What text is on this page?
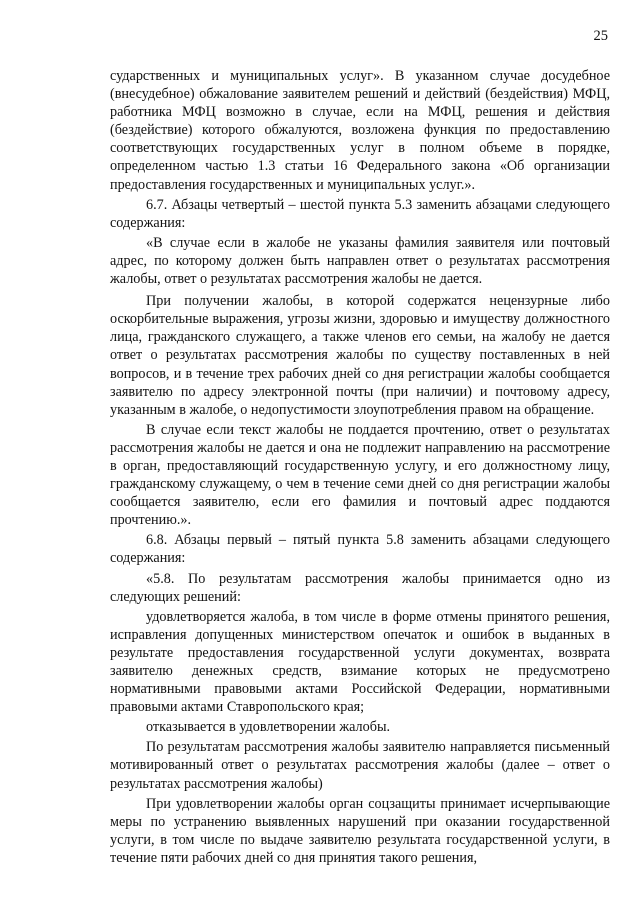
25

сударственных и муниципальных услуг». В указанном случае досудебное (внесудебное) обжалование заявителем решений и действий (бездействия) МФЦ, работника МФЦ возможно в случае, если на МФЦ, решения и действия (бездействие) которого обжалуются, возложена функция по предоставлению соответствующих государственных услуг в полном объеме в порядке, определенном частью 1.3 статьи 16 Федерального закона «Об организации предоставления государственных и муниципальных услуг.».

6.7. Абзацы четвертый – шестой пункта 5.3 заменить абзацами следующего содержания:

«В случае если в жалобе не указаны фамилия заявителя или почтовый адрес, по которому должен быть направлен ответ о результатах рассмотрения жалобы, ответ о результатах рассмотрения жалобы не дается.

При получении жалобы, в которой содержатся нецензурные либо оскорбительные выражения, угрозы жизни, здоровью и имуществу должностного лица, гражданского служащего, а также членов его семьи, на жалобу не дается ответ о результатах рассмотрения жалобы по существу поставленных в ней вопросов, и в течение трех рабочих дней со дня регистрации жалобы сообщается заявителю по адресу электронной почты (при наличии) и почтовому адресу, указанным в жалобе, о недопустимости злоупотребления правом на обращение.

В случае если текст жалобы не поддается прочтению, ответ о результатах рассмотрения жалобы не дается и она не подлежит направлению на рассмотрение в орган, предоставляющий государственную услугу, и его должностному лицу, гражданскому служащему, о чем в течение семи дней со дня регистрации жалобы сообщается заявителю, если его фамилия и почтовый адрес поддаются прочтению.».

6.8. Абзацы первый – пятый пункта 5.8 заменить абзацами следующего содержания:

«5.8. По результатам рассмотрения жалобы принимается одно из следующих решений:

удовлетворяется жалоба, в том числе в форме отмены принятого решения, исправления допущенных министерством опечаток и ошибок в выданных в результате предоставления государственной услуги документах, возврата заявителю денежных средств, взимание которых не предусмотрено нормативными правовыми актами Российской Федерации, нормативными правовыми актами Ставропольского края;

отказывается в удовлетворении жалобы.

По результатам рассмотрения жалобы заявителю направляется письменный мотивированный ответ о результатах рассмотрения жалобы (далее – ответ о результатах рассмотрения жалобы)

При удовлетворении жалобы орган соцзащиты принимает исчерпывающие меры по устранению выявленных нарушений при оказании государственной услуги, в том числе по выдаче заявителю результата государственной услуги, в течение пяти рабочих дней со дня принятия такого решения,
